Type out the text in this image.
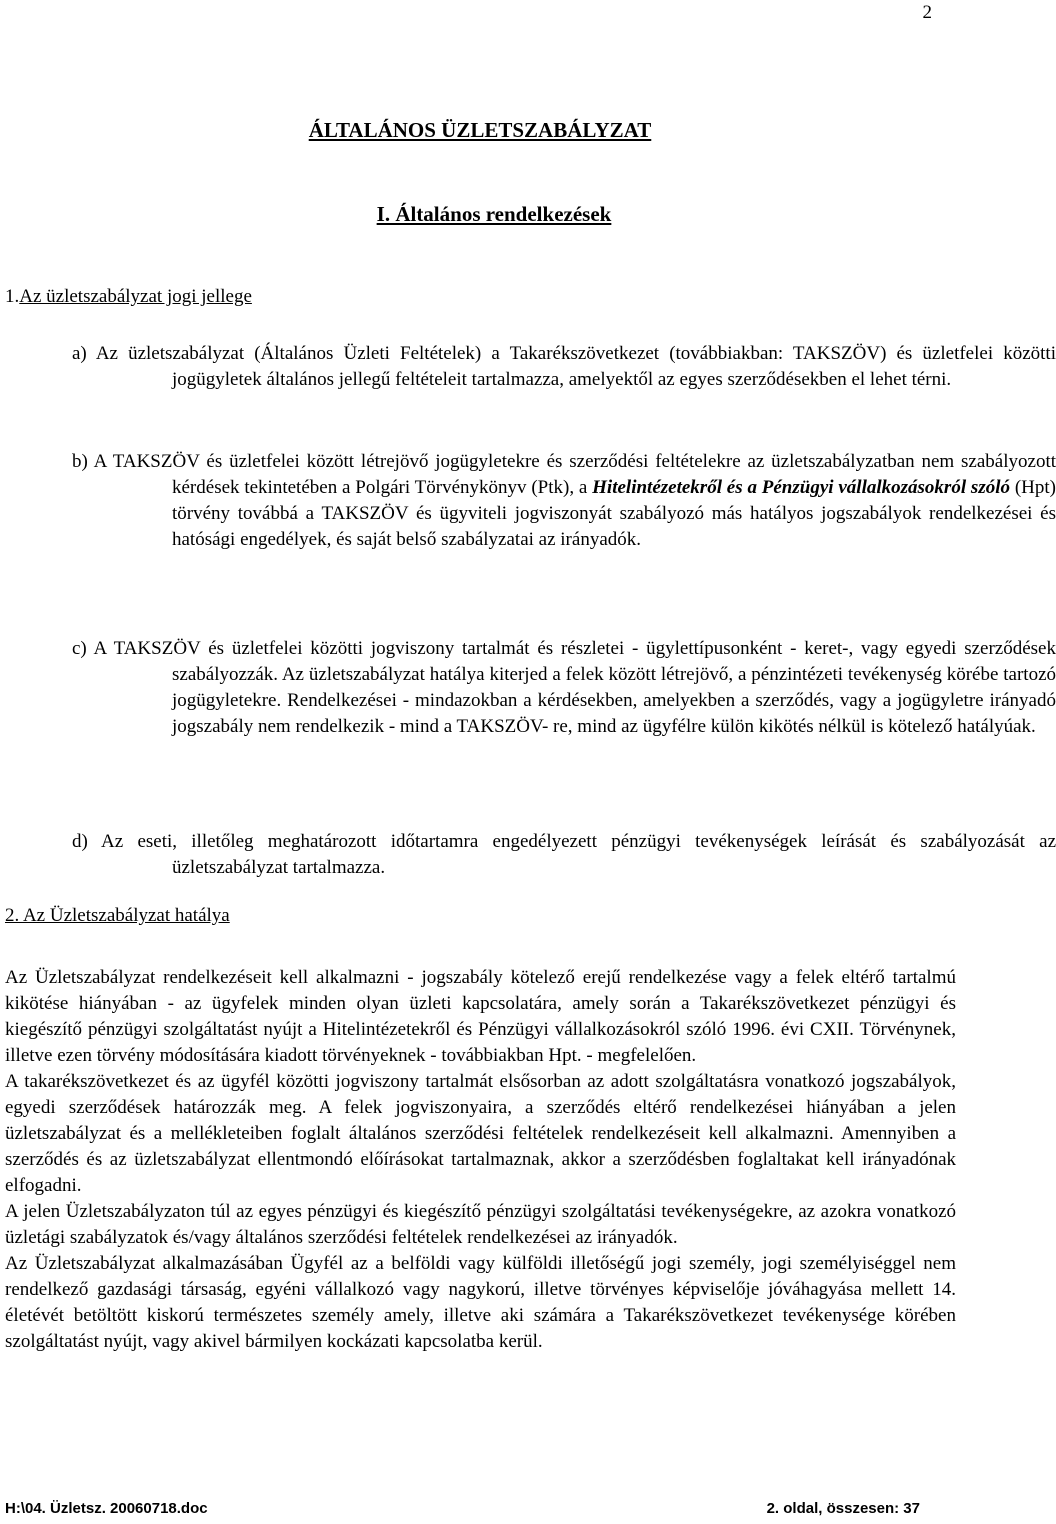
2
ÁLTALÁNOS ÜZLETSZABÁLYZAT
I. Általános rendelkezések
1.Az üzletszabályzat jogi jellege

a) Az üzletszabályzat (Általános Üzleti Feltételek) a Takarékszövetkezet (továbbiakban: TAKSZÖV) és üzletfelei közötti jogügyletek általános jellegű feltételeit tartalmazza, amelyektől az egyes szerződésekben el lehet térni.

b) A TAKSZÖV és üzletfelei között létrejövő jogügyletekre és szerződési feltételekre az üzletszabályzatban nem szabályozott kérdések tekintetében a Polgári Törvénykönyv (Ptk), a Hitelintézetekről és a Pénzügyi vállalkozásokról szóló (Hpt) törvény továbbá a TAKSZÖV és ügyviteli jogviszonyát szabályozó más hatályos jogszabályok rendelkezései és hatósági engedélyek, és saját belső szabályzatai az irányadók.

c) A TAKSZÖV és üzletfelei közötti jogviszony tartalmát és részletei - ügylettípusonként - keret-, vagy egyedi szerződések szabályozzák. Az üzletszabályzat hatálya kiterjed a felek között létrejövő, a pénzintézeti tevékenység körébe tartozó jogügyletekre. Rendelkezései - mindazokban a kérdésekben, amelyekben a szerződés, vagy a jogügyletre irányadó jogszabály nem rendelkezik - mind a TAKSZÖV- re, mind az ügyfélre külön kikötés nélkül is kötelező hatályúak.

d) Az eseti, illetőleg meghatározott időtartamra engedélyezett pénzügyi tevékenységek leírását és szabályozását az üzletszabályzat tartalmazza.

2. Az Üzletszabályzat hatálya

Az Üzletszabályzat rendelkezéseit kell alkalmazni - jogszabály kötelező erejű rendelkezése vagy a felek eltérő tartalmú kikötése hiányában - az ügyfelek minden olyan üzleti kapcsolatára, amely során a Takarékszövetkezet pénzügyi és kiegészítő pénzügyi szolgáltatást nyújt a Hitelintézetekről és Pénzügyi vállalkozásokról szóló 1996. évi CXII. Törvénynek, illetve ezen törvény módosítására kiadott törvényeknek - továbbiakban Hpt. - megfelelően.

A takarékszövetkezet és az ügyfél közötti jogviszony tartalmát elsősorban az adott szolgáltatásra vonatkozó jogszabályok, egyedi szerződések határozzák meg. A felek jogviszonyaira, a szerződés eltérő rendelkezései hiányában a jelen üzletszabályzat és a mellékleteiben foglalt általános szerződési feltételek rendelkezéseit kell alkalmazni. Amennyiben a szerződés és az üzletszabályzat ellentmondó előírásokat tartalmaznak, akkor a szerződésben foglaltakat kell irányadónak elfogadni.

A jelen Üzletszabályzaton túl az egyes pénzügyi és kiegészítő pénzügyi szolgáltatási tevékenységekre, az azokra vonatkozó üzletági szabályzatok és/vagy általános szerződési feltételek rendelkezései az irányadók.

Az Üzletszabályzat alkalmazásában Ügyfél az a belföldi vagy külföldi illetőségű jogi személy, jogi személyiséggel nem rendelkező gazdasági társaság, egyéni vállalkozó vagy nagykorú, illetve törvényes képviselője jóváhagyása mellett 14. életévét betöltött kiskorú természetes személy amely, illetve aki számára a Takarékszövetkezet tevékenysége körében szolgáltatást nyújt, vagy akivel bármilyen kockázati kapcsolatba kerül.

H:\04. Üzletsz. 20060718.doc	2. oldal, összesen: 37
